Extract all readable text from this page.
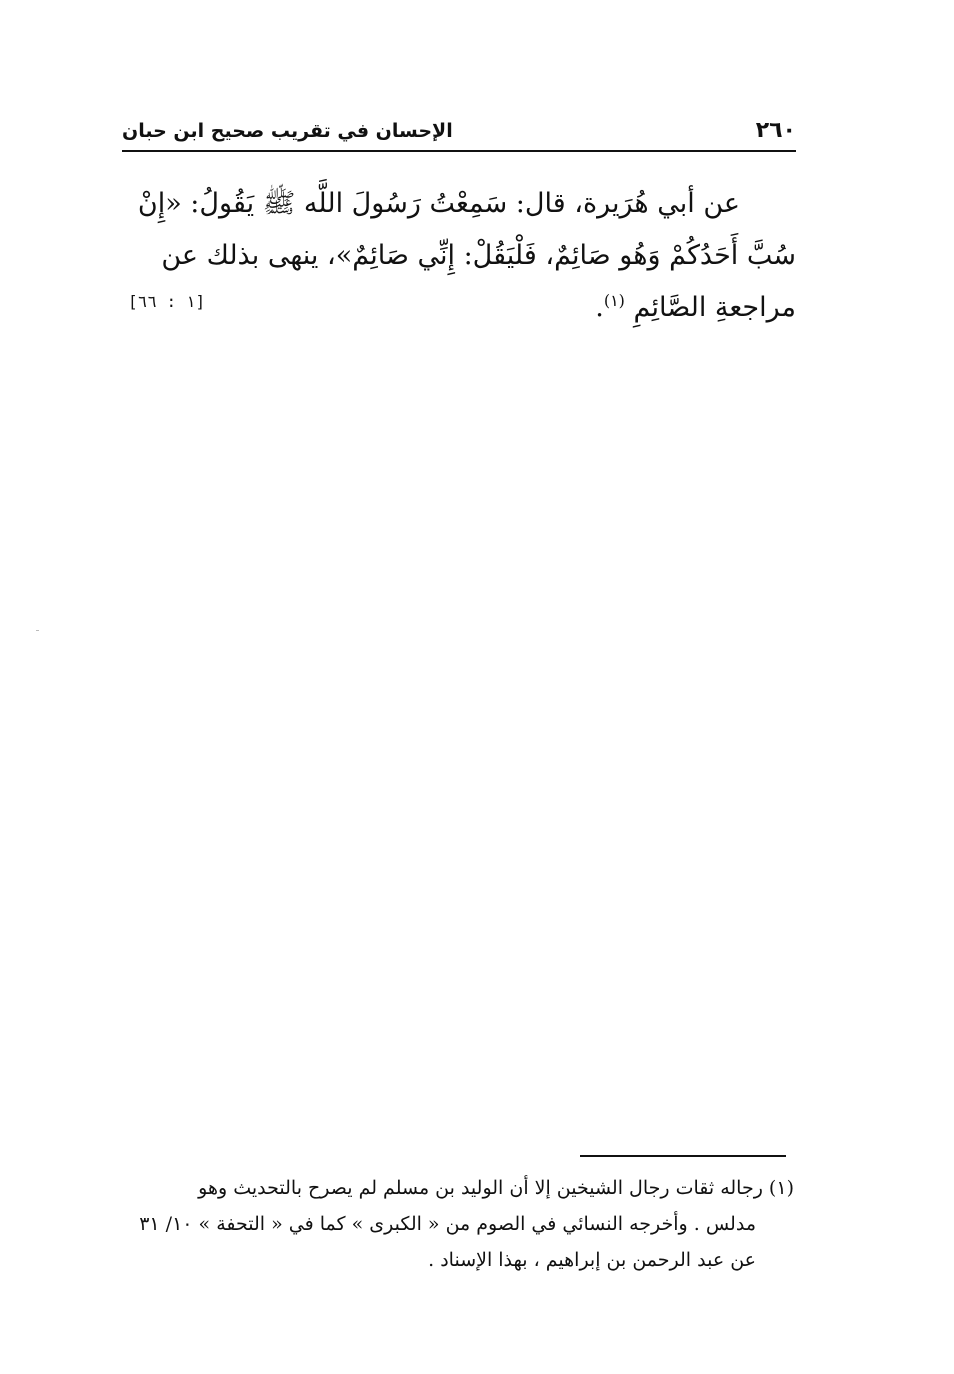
٢٦٠
الإحسان في تقريب صحيح ابن حبان
عن أبي هُرَيرة، قال: سَمِعْتُ رَسُولَ اللَّه ﷺ يَقُولُ: «إِنْ
سُبَّ أَحَدُكُمْ وَهُو صَائِمٌ، فَلْيَقُلْ: إِنِّي صَائِمٌ»، ينهى بذلك عن
مراجعةِ الصَّائِمِ $^{(١)}$.
[١ : ٦٦]
(١) رجاله ثقات رجال الشيخين إلا أن الوليد بن مسلم لم يصرح بالتحديث وهو
مدلس . وأخرجه النسائي في الصوم من « الكبرى » كما في « التحفة » ١٠/ ٣١
عن عبد الرحمن بن إبراهيم ، بهذا الإسناد .
